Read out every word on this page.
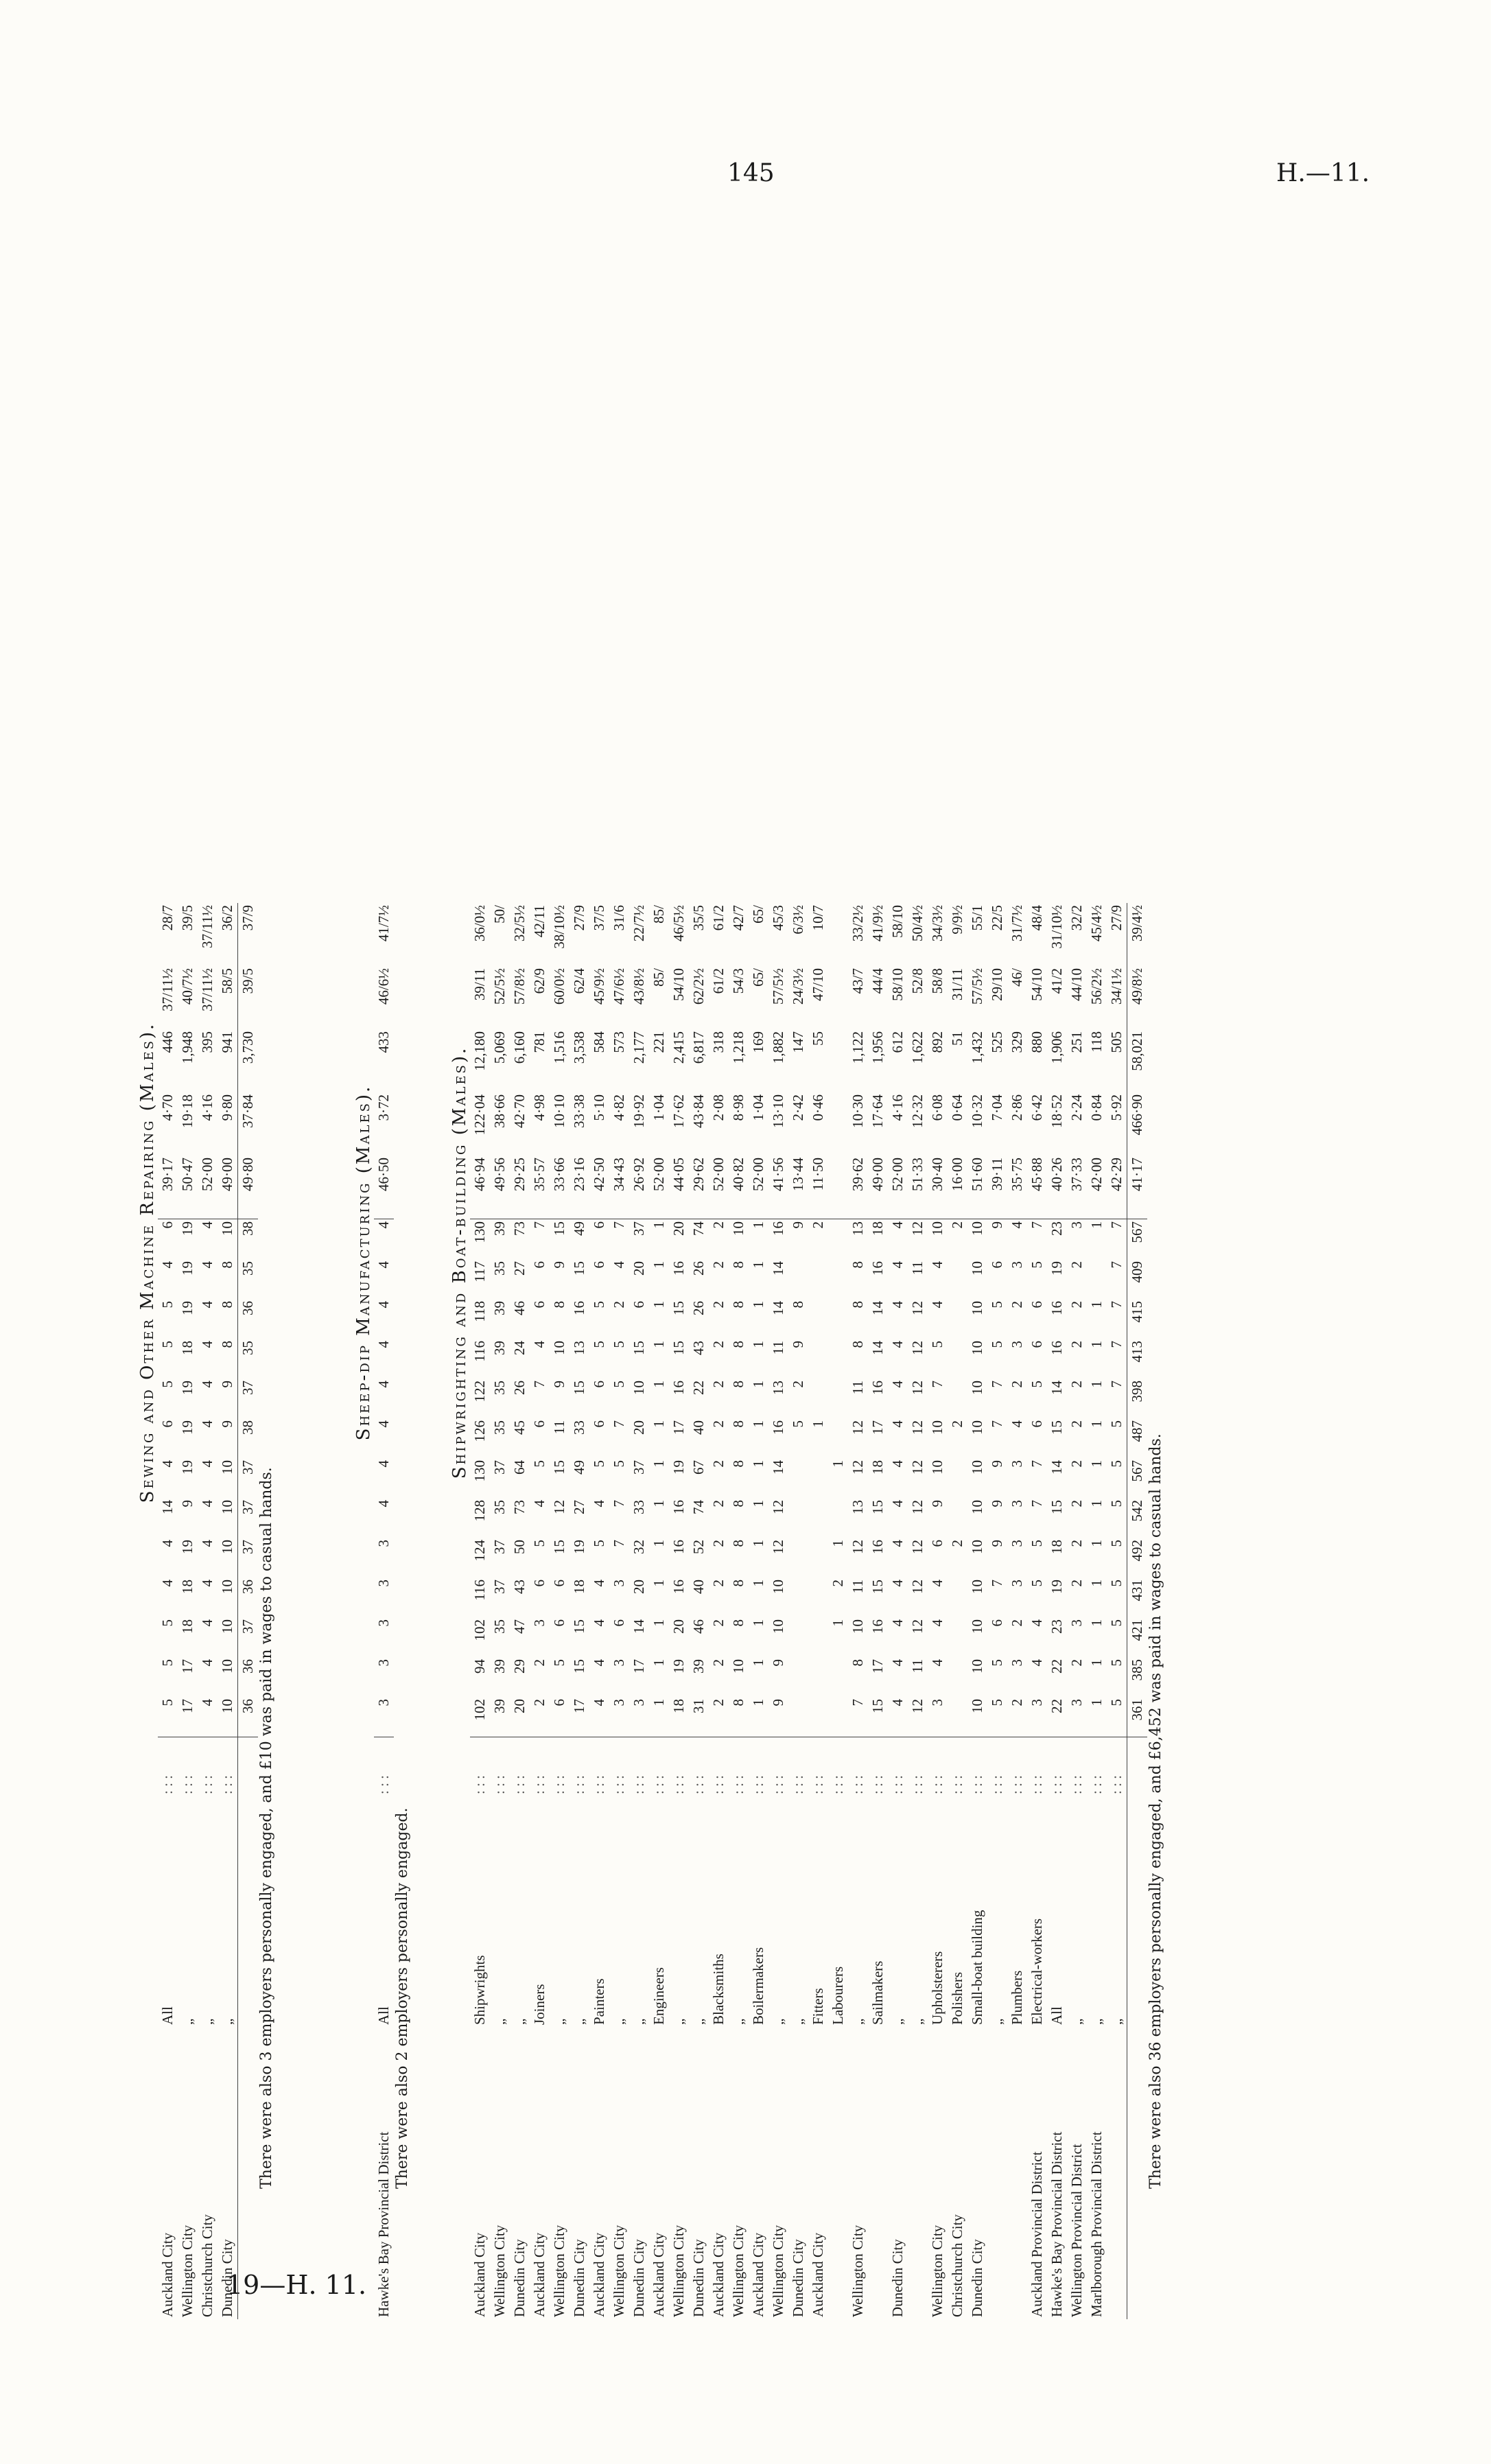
145	H.—11.
19—H. 11.
Sewing and Other Machine Repairing (Males).
Auckland City	All	: : :	5	5	5	4	4	14	4	6	5	5	5	4	6	39·17	4·70	446	37/11½	28/7
Wellington City	„	: : :	17	17	18	18	19	9	19	19	19	18	19	19	19	50·47	19·18	1,948	40/7½	39/5
Christchurch City	„	: : :	4	4	4	4	4	4	4	4	4	4	4	4	4	52·00	4·16	395	37/11½	37/11½
Dunedin City	„	: : :	10	10	10	10	10	10	10	9	9	8	8	8	10	49·00	9·80	941	58/5	36/2
			36	36	37	36	37	37	37	38	37	35	36	35	38	49·80	37·84	3,730	39/5	37/9
There were also 3 employers personally engaged, and £10 was paid in wages to casual hands.
Sheep-dip Manufacturing (Males).
Hawke's Bay Provincial District	All	: : :	3	3	3	3	3	4	4	4	4	4	4	4	4	46·50	3·72	433	46/6½	41/7½
There were also 2 employers personally engaged.
Shipwrighting and Boat-building (Males).
Auckland City	Shipwrights	: : :	102	94	102	116	124	128	130	126	122	116	118	117	130	46·94	122·04	12,180	39/11	36/0½
Wellington City	„	: : :	39	39	35	37	37	35	37	35	35	39	39	35	39	49·56	38·66	5,069	52/5½	50/
Dunedin City	„	: : :	20	29	47	43	50	73	64	45	26	24	46	27	73	29·25	42·70	6,160	57/8½	32/5½
Auckland City	Joiners	: : :	2	2	3	6	5	4	5	6	7	4	6	6	7	35·57	4·98	781	62/9	42/11
Wellington City	„	: : :	6	5	6	6	15	12	15	11	9	10	8	9	15	33·66	10·10	1,516	60/0½	38/10½
Dunedin City	„	: : :	17	15	15	18	19	27	49	33	15	13	16	15	49	23·16	33·38	3,538	62/4	27/9
Auckland City	Painters	: : :	4	4	4	4	5	4	5	6	6	5	5	6	6	42·50	5·10	584	45/9½	37/5
Wellington City	„	: : :	3	3	6	3	7	7	5	7	5	5	2	4	7	34·43	4·82	573	47/6½	31/6
Dunedin City	„	: : :	3	17	14	20	32	33	37	20	10	15	6	20	37	26·92	19·92	2,177	43/8½	22/7½
Auckland City	Engineers	: : :	1	1	1	1	1	1	1	1	1	1	1	1	1	52·00	1·04	221	85/	85/
Wellington City	„	: : :	18	19	20	16	16	16	19	17	16	15	15	16	20	44·05	17·62	2,415	54/10	46/5½
Dunedin City	„	: : :	31	39	46	40	52	74	67	40	22	43	26	26	74	29·62	43·84	6,817	62/2½	35/5
Auckland City	Blacksmiths	: : :	2	2	2	2	2	2	2	2	2	2	2	2	2	52·00	2·08	318	61/2	61/2
Wellington City	„	: : :	8	10	8	8	8	8	8	8	8	8	8	8	10	40·82	8·98	1,218	54/3	42/7
Auckland City	Boilermakers	: : :	1	1	1	1	1	1	1	1	1	1	1	1	1	52·00	1·04	169	65/	65/
Wellington City	„	: : :	9	9	10	10	12	12	14	16	13	11	14	14	16	41·56	13·10	1,882	57/5½	45/3
Dunedin City	„	: : :								5	2	9	8		9	13·44	2·42	147	24/3½	6/3½
Auckland City	Fitters	: : :								1					2	11·50	0·46	55	47/10	10/7
	Labourers	: : :			1	2	1		1											
Wellington City	„	: : :	7	8	10	11	12	13	12	12	11	8	8	8	13	39·62	10·30	1,122	43/7	33/2½
	Sailmakers	: : :	15	17	16	15	16	15	18	17	16	14	14	16	18	49·00	17·64	1,956	44/4	41/9½
Dunedin City	„	: : :	4	4	4	4	4	4	4	4	4	4	4	4	4	52·00	4·16	612	58/10	58/10
	„	: : :	12	11	12	12	12	12	12	12	12	12	12	11	12	51·33	12·32	1,622	52/8	50/4½
Wellington City	Upholsterers	: : :	3	4	4	4	6	9	10	10	7	5	4	4	10	30·40	6·08	892	58/8	34/3½
Christchurch City	Polishers	: : :					2			2					2	16·00	0·64	51	31/11	9/9½
Dunedin City	Small-boat building	: : :	10	10	10	10	10	10	10	10	10	10	10	10	10	51·60	10·32	1,432	57/5½	55/1
	„	: : :	5	5	6	7	9	9	9	7	7	5	5	6	9	39·11	7·04	525	29/10	22/5
	Plumbers	: : :	2	3	2	3	3	3	3	4	2	3	2	3	4	35·75	2·86	329	46/	31/7½
Auckland Provincial District	Electrical-workers	: : :	3	4	4	5	5	7	7	6	5	6	6	5	7	45·88	6·42	880	54/10	48/4
Hawke's Bay Provincial District	All	: : :	22	22	23	19	18	15	14	15	14	16	16	19	23	40·26	18·52	1,906	41/2	31/10½
Wellington Provincial District	„	: : :	3	2	3	2	2	2	2	2	2	2	2	2	3	37·33	2·24	251	44/10	32/2
Marlborough Provincial District	„	: : :	1	1	1	1	1	1	1	1	1	1	1		1	42·00	0·84	118	56/2½	45/4½
	„	: : :	5	5	5	5	5	5	5	5	7	7	7	7	7	42·29	5·92	505	34/1½	27/9
			361	385	421	431	492	542	567	487	398	413	415	409	567	41·17	466·90	58,021	49/8½	39/4½
There were also 36 employers personally engaged, and £6,452 was paid in wages to casual hands.
